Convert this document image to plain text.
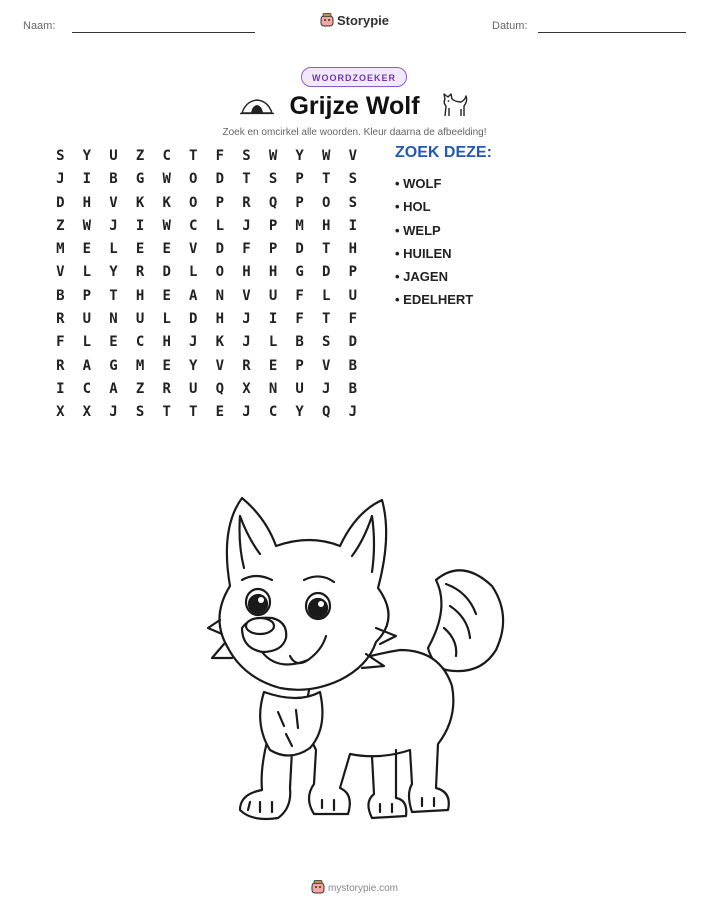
Naam:	Storypie	Datum:
WOORDZOEKER
Grijze Wolf
Zoek en omcirkel alle woorden. Kleur daarna de afbeelding!
S	Y	U	Z	C	T	F	S	W	Y	W	V
J	I	B	G	W	O	D	T	S	P	T	S
D	H	V	K	K	O	P	R	Q	P	O	S
Z	W	J	I	W	C	L	J	P	M	H	I
M	E	L	E	E	V	D	F	P	D	T	H
V	L	Y	R	D	L	O	H	H	G	D	P
B	P	T	H	E	A	N	V	U	F	L	U
R	U	N	U	L	D	H	J	I	F	T	F
F	L	E	C	H	J	K	J	L	B	S	D
R	A	G	M	E	Y	V	R	E	P	V	B
I	C	A	Z	R	U	Q	X	N	U	J	B
X	X	J	S	T	T	E	J	C	Y	Q	J
ZOEK DEZE:
• WOLF
• HOL
• WELP
• HUILEN
• JAGEN
• EDELHERT
mystorypie.com
